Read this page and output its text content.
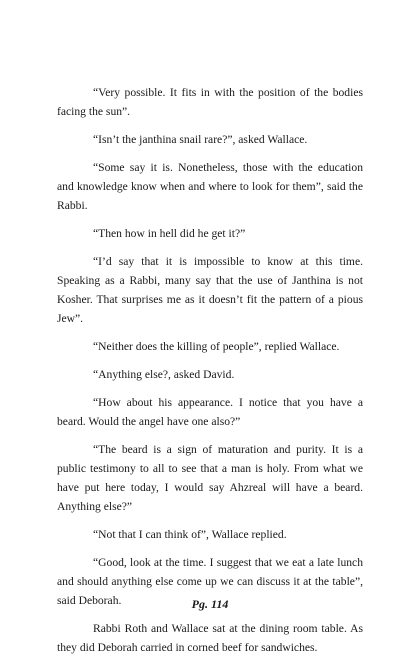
“Very possible. It fits in with the position of the bodies facing the sun”.

“Isn’t the janthina snail rare?”, asked Wallace.

“Some say it is. Nonetheless, those with the education and knowledge know when and where to look for them”, said the Rabbi.

“Then how in hell did he get it?”

“I’d say that it is impossible to know at this time. Speaking as a Rabbi, many say that the use of Janthina is not Kosher. That surprises me as it doesn’t fit the pattern of a pious Jew”.

“Neither does the killing of people”, replied Wallace.

“Anything else?, asked David.

“How about his appearance. I notice that you have a beard. Would the angel have one also?”

“The beard is a sign of maturation and purity. It is a public testimony to all to see that a man is holy. From what we have put here today, I would say Ahzreal will have a beard. Anything else?”

“Not that I can think of”, Wallace replied.

“Good, look at the time. I suggest that we eat a late lunch and should anything else come up we can discuss it at the table”, said Deborah.

Rabbi Roth and Wallace sat at the dining room table. As they did Deborah carried in corned beef for sandwiches.

Pg. 114
